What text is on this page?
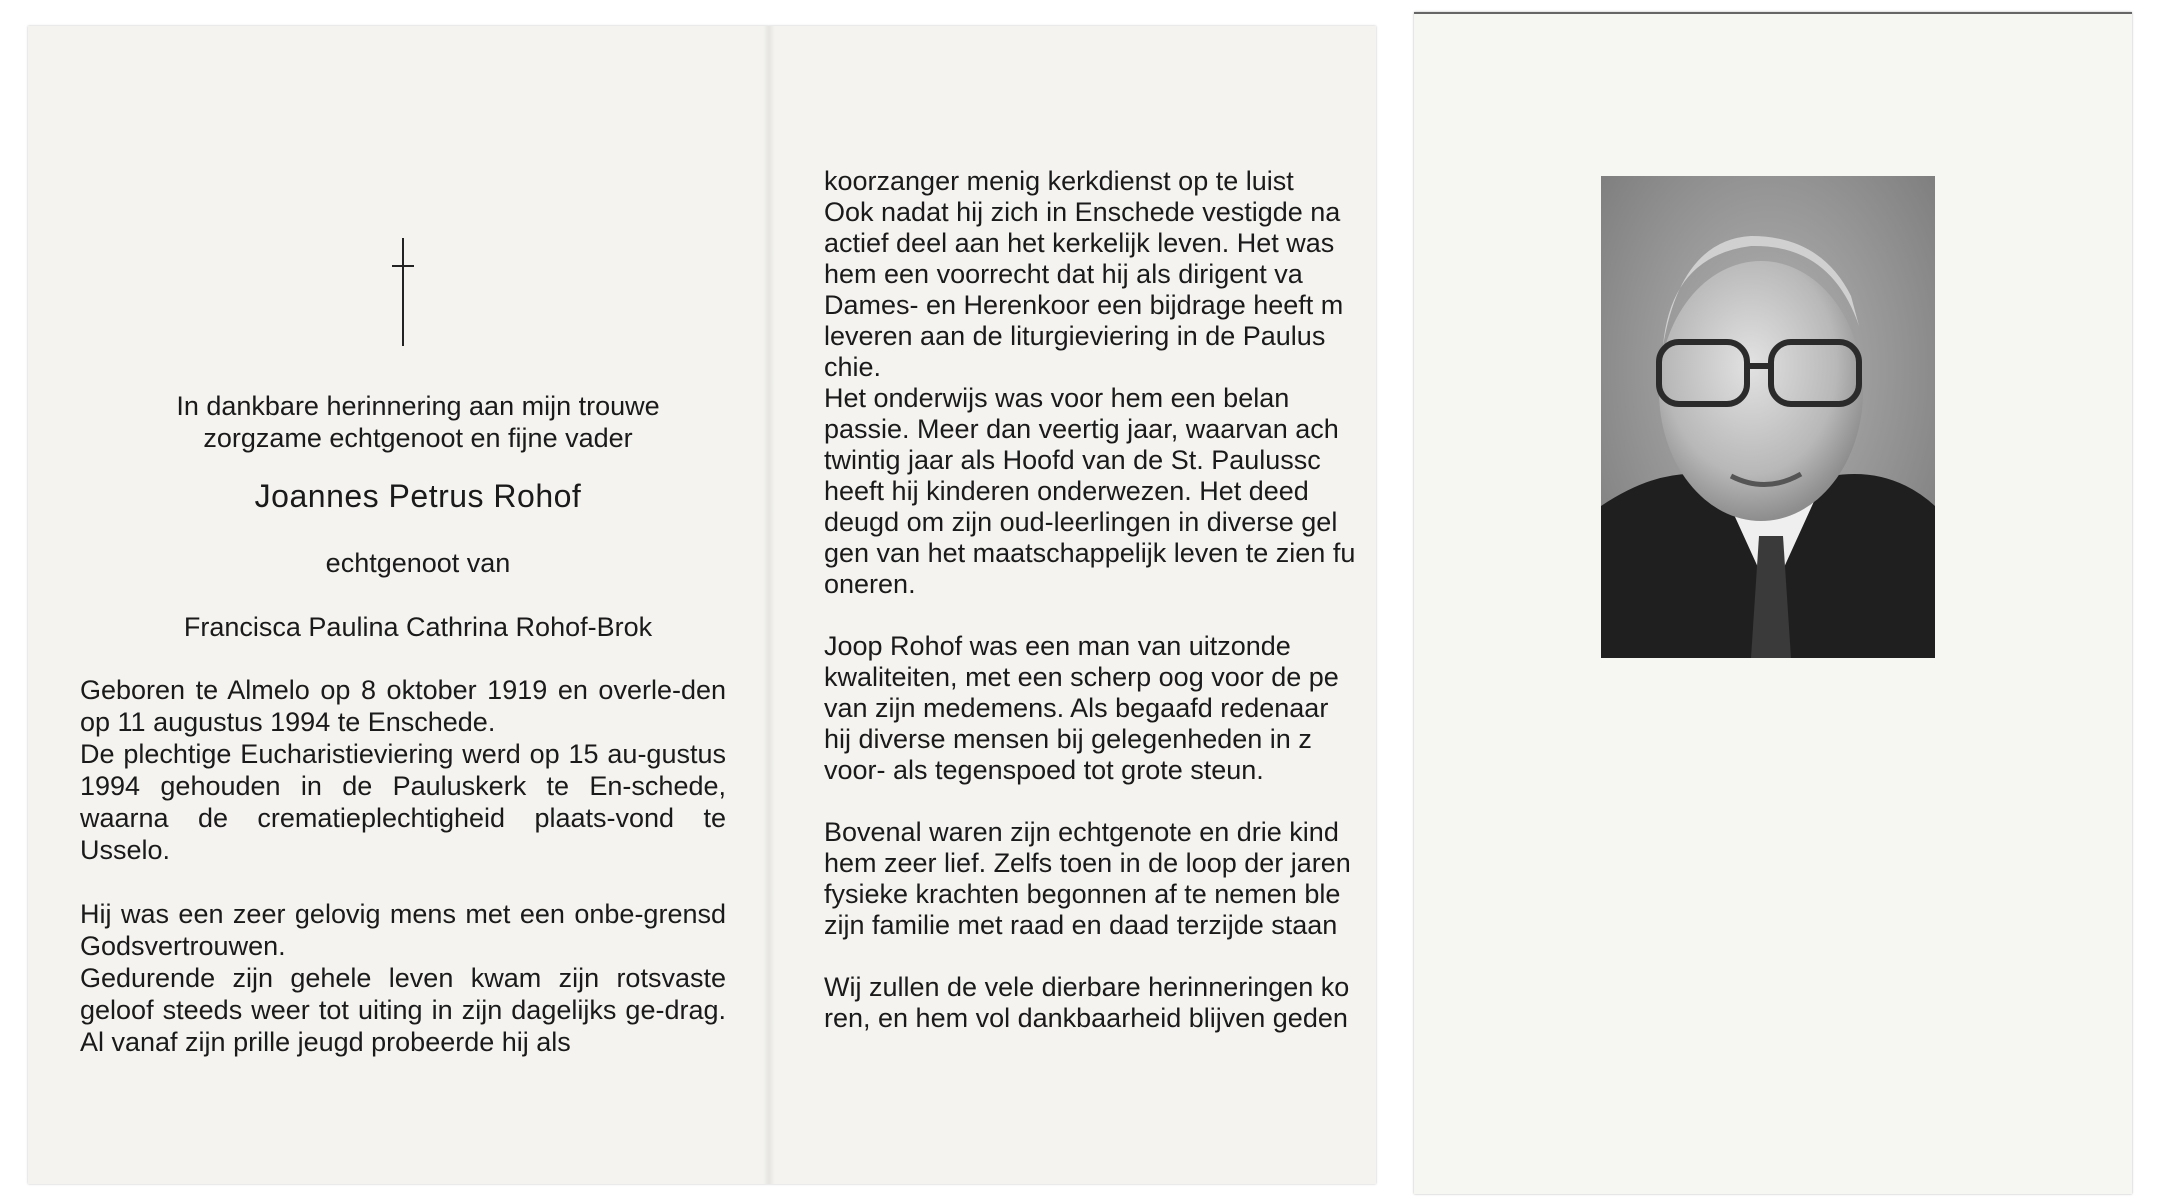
In dankbare herinnering aan mijn trouwe
zorgzame echtgenoot en fijne vader
Joannes Petrus Rohof
echtgenoot van
Francisca Paulina Cathrina Rohof-Brok

Geboren te Almelo op 8 oktober 1919 en overle-den op 11 augustus 1994 te Enschede.

De plechtige Eucharistieviering werd op 15 au-gustus 1994 gehouden in de Pauluskerk te En-schede, waarna de crematieplechtigheid plaats-vond te Usselo.

Hij was een zeer gelovig mens met een onbe-grensd Godsvertrouwen.

Gedurende zijn gehele leven kwam zijn rotsvaste geloof steeds weer tot uiting in zijn dagelijks ge-drag. Al vanaf zijn prille jeugd probeerde hij als

koorzanger menig kerkdienst op te luist
Ook nadat hij zich in Enschede vestigde na
actief deel aan het kerkelijk leven. Het was
hem een voorrecht dat hij als dirigent va
Dames- en Herenkoor een bijdrage heeft m
leveren aan de liturgieviering in de Paulus
chie.
Het onderwijs was voor hem een belan
passie. Meer dan veertig jaar, waarvan ach
twintig jaar als Hoofd van de St. Paulussc
heeft hij kinderen onderwezen. Het deed
deugd om zijn oud-leerlingen in diverse gel
gen van het maatschappelijk leven te zien fu
oneren.
Joop Rohof was een man van uitzonde
kwaliteiten, met een scherp oog voor de pe
van zijn medemens. Als begaafd redenaar
hij diverse mensen bij gelegenheden in z
voor- als tegenspoed tot grote steun.
Bovenal waren zijn echtgenote en drie kind
hem zeer lief. Zelfs toen in de loop der jaren
fysieke krachten begonnen af te nemen ble
zijn familie met raad en daad terzijde staan
Wij zullen de vele dierbare herinneringen ko
ren, en hem vol dankbaarheid blijven geden
